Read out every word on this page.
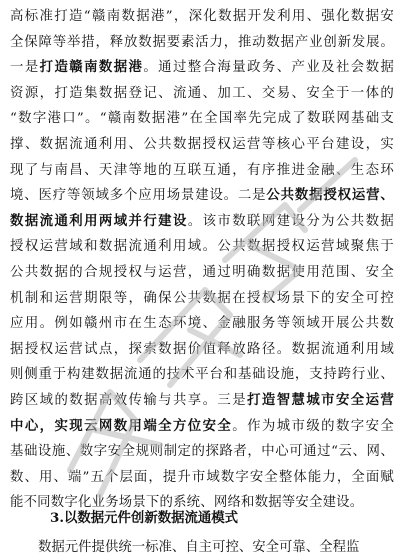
高标准打造“赣南数据港”，深化数据开发利用、强化数据安
全保障等举措，释放数据要素活力，推动数据产业创新发展。
一是打造赣南数据港。通过整合海量政务、产业及社会数据
资源，打造集数据登记、流通、加工、交易、安全于一体的
“数字港口”。“赣南数据港”在全国率先完成了数联网基础支
撑、数据流通利用、公共数据授权运营等核心平台建设，实
现了与南昌、天津等地的互联互通，有序推进金融、生态环
境、医疗等领域多个应用场景建设。二是公共数据授权运营、
数据流通利用两域并行建设。该市数联网建设分为公共数据
授权运营域和数据流通利用域。公共数据授权运营域聚焦于
公共数据的合规授权与运营，通过明确数据使用范围、安全
机制和运营期限等，确保公共数据在授权场景下的安全可控
应用。例如赣州市在生态环境、金融服务等领域开展公共数
据授权运营试点，探索数据价值释放路径。数据流通利用域
则侧重于构建数据流通的技术平台和基础设施，支持跨行业、
跨区域的数据高效传输与共享。三是打造智慧城市安全运营
中心，实现云网数用端全方位安全。作为城市级的数字安全
基础设施、数字安全规则制定的探路者，中心可通过“云、网、
数、用、端”五个层面，提升市域数字安全整体能力，全面赋
能不同数字化业务场景下的系统、网络和数据等安全建设。
3.以数据元件创新数据流通模式
数据元件提供统一标准、自主可控、安全可靠、全程监
